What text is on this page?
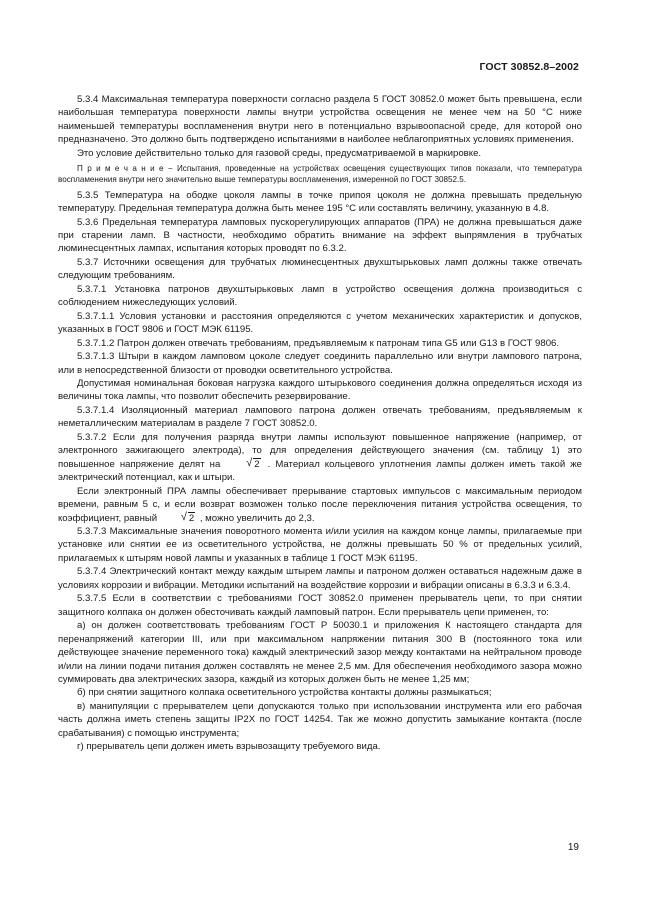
ГОСТ 30852.8–2002

5.3.4 Максимальная температура поверхности согласно раздела 5 ГОСТ 30852.0 может быть превышена, если наибольшая температура поверхности лампы внутри устройства освещения не менее чем на 50 °С ниже наименьшей температуры воспламенения внутри него в потенциально взрывоопасной среде, для которой оно предназначено. Это должно быть подтверждено испытаниями в наиболее неблагоприятных условиях применения.

Это условие действительно только для газовой среды, предусматриваемой в маркировке.

П р и м е ч а н и е − Испытания, проведенные на устройствах освещения существующих типов показали, что температура воспламенения внутри него значительно выше температуры воспламенения, измеренной по ГОСТ 30852.5.

5.3.5 Температура на ободке цоколя лампы в точке припоя цоколя не должна превышать предельную температуру. Предельная температура должна быть менее 195 °С или составлять величину, указанную в 4.8.

5.3.6 Предельная температура ламповых пускорегулирующих аппаратов (ПРА) не должна превышаться даже при старении ламп. В частности, необходимо обратить внимание на эффект выпрямления в трубчатых люминесцентных лампах, испытания которых проводят по 6.3.2.

5.3.7 Источники освещения для трубчатых люминесцентных двухштырьковых ламп должны также отвечать следующим требованиям.

5.3.7.1 Установка патронов двухштырьковых ламп в устройство освещения должна производиться с соблюдением нижеследующих условий.

5.3.7.1.1 Условия установки и расстояния определяются с учетом механических характеристик и допусков, указанных в ГОСТ 9806 и ГОСТ МЭК 61195.

5.3.7.1.2 Патрон должен отвечать требованиям, предъявляемым к патронам типа G5 или G13 в ГОСТ 9806.

5.3.7.1.3 Штыри в каждом ламповом цоколе следует соединить параллельно или внутри лампового патрона, или в непосредственной близости от проводки осветительного устройства.

Допустимая номинальная боковая нагрузка каждого штырькового соединения должна определяться исходя из величины тока лампы, что позволит обеспечить резервирование.

5.3.7.1.4 Изоляционный материал лампового патрона должен отвечать требованиям, предъявляемым к неметаллическим материалам в разделе 7 ГОСТ 30852.0.

5.3.7.2 Если для получения разряда внутри лампы используют повышенное напряжение (например, от электронного зажигающего электрода), то для определения действующего значения (см. таблицу 1) это повышенное напряжение делят на	√ 2 . Материал кольцевого уплотнения лампы должен иметь такой же электрический потенциал, как и штыри.

Если электронный ПРА лампы обеспечивает прерывание стартовых импульсов с максимальным периодом времени, равным 5 с, и если возврат возможен только после переключения питания устройства освещения, то коэффициент, равный	√ 2 , можно увеличить до 2,3.

5.3.7.3 Максимальные значения поворотного момента и/или усилия на каждом конце лампы, прилагаемые при установке или снятии ее из осветительного устройства, не должны превышать 50 % от предельных усилий, прилагаемых к штырям новой лампы и указанных в таблице 1 ГОСТ МЭК 61195.

5.3.7.4 Электрический контакт между каждым штырем лампы и патроном должен оставаться надежным даже в условиях коррозии и вибрации. Методики испытаний на воздействие коррозии и вибрации описаны в 6.3.3 и 6.3.4.

5.3.7.5 Если в соответствии с требованиями ГОСТ 30852.0 применен прерыватель цепи, то при снятии защитного колпака он должен обесточивать каждый ламповый патрон. Если прерыватель цепи применен, то:

а) он должен соответствовать требованиям ГОСТ Р 50030.1 и приложения К настоящего стандарта для перенапряжений категории III, или при максимальном напряжении питания 300 В (постоянного тока или действующее значение переменного тока) каждый электрический зазор между контактами на нейтральном проводе и/или на линии подачи питания должен составлять не менее 2,5 мм. Для обеспечения необходимого зазора можно суммировать два электрических зазора, каждый из которых должен быть не менее 1,25 мм;

б) при снятии защитного колпака осветительного устройства контакты должны размыкаться;

в) манипуляции с прерывателем цепи допускаются только при использовании инструмента или его рабочая часть должна иметь степень защиты IP2X по ГОСТ 14254. Так же можно допустить замыкание контакта (после срабатывания) с помощью инструмента;

г) прерыватель цепи должен иметь взрывозащиту требуемого вида.

19
